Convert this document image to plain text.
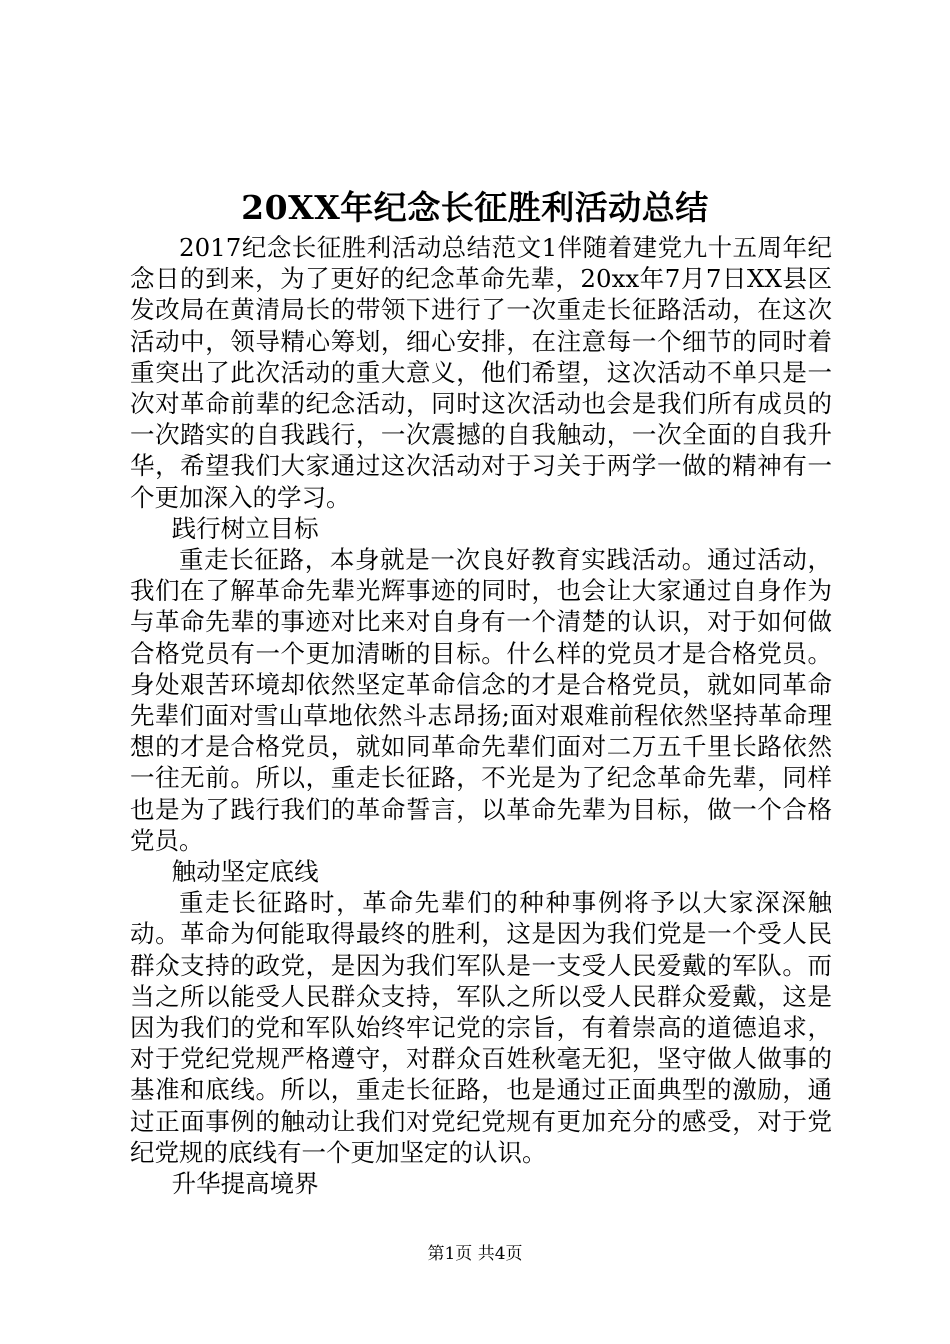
20XX年纪念长征胜利活动总结

2017纪念长征胜利活动总结范文1伴随着建党九十五周年纪念日的到来，为了更好的纪念革命先辈，20xx年7月7日XX县区发改局在黄清局长的带领下进行了一次重走长征路活动，在这次活动中，领导精心筹划，细心安排，在注意每一个细节的同时着重突出了此次活动的重大意义，他们希望，这次活动不单只是一次对革命前辈的纪念活动，同时这次活动也会是我们所有成员的一次踏实的自我践行，一次震撼的自我触动，一次全面的自我升华，希望我们大家通过这次活动对于习关于两学一做的精神有一个更加深入的学习。

践行树立目标

重走长征路，本身就是一次良好教育实践活动。通过活动，我们在了解革命先辈光辉事迹的同时，也会让大家通过自身作为与革命先辈的事迹对比来对自身有一个清楚的认识，对于如何做合格党员有一个更加清晰的目标。什么样的党员才是合格党员。身处艰苦环境却依然坚定革命信念的才是合格党员，就如同革命先辈们面对雪山草地依然斗志昂扬;面对艰难前程依然坚持革命理想的才是合格党员，就如同革命先辈们面对二万五千里长路依然一往无前。所以，重走长征路，不光是为了纪念革命先辈，同样也是为了践行我们的革命誓言，以革命先辈为目标，做一个合格党员。

触动坚定底线

重走长征路时，革命先辈们的种种事例将予以大家深深触动。革命为何能取得最终的胜利，这是因为我们党是一个受人民群众支持的政党，是因为我们军队是一支受人民爱戴的军队。而当之所以能受人民群众支持，军队之所以受人民群众爱戴，这是因为我们的党和军队始终牢记党的宗旨，有着崇高的道德追求，对于党纪党规严格遵守，对群众百姓秋毫无犯，坚守做人做事的基准和底线。所以，重走长征路，也是通过正面典型的激励，通过正面事例的触动让我们对党纪党规有更加充分的感受，对于党纪党规的底线有一个更加坚定的认识。

升华提高境界

第1页 共4页
